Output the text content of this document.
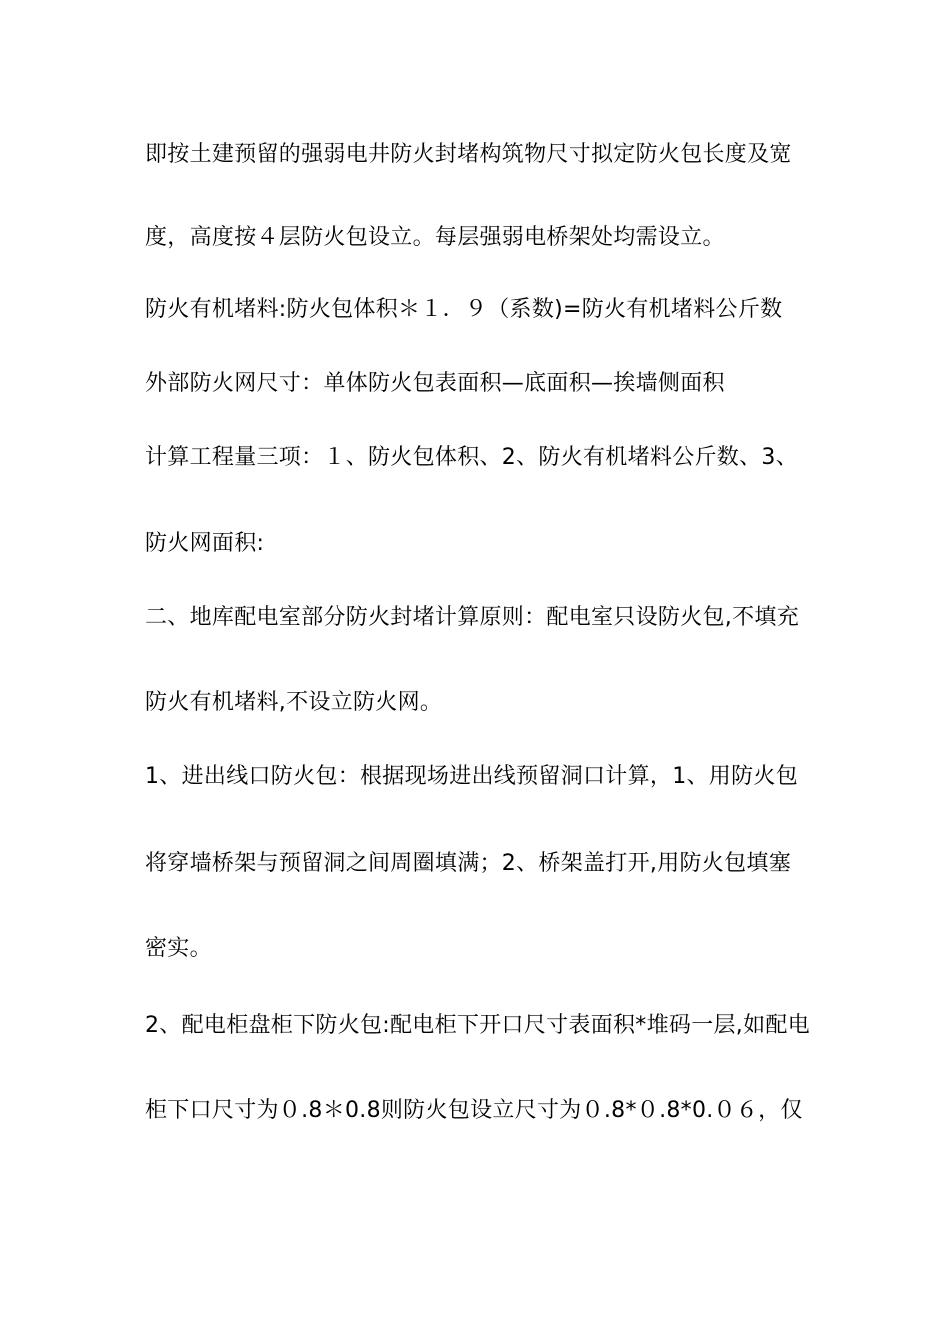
即按土建预留的强弱电井防火封堵构筑物尺寸拟定防火包长度及宽
度，高度按４层防火包设立。每层强弱电桥架处均需设立。
防火有机堵料:防火包体积＊１．９（系数)=防火有机堵料公斤数
外部防火网尺寸：单体防火包表面积—底面积—挨墙侧面积
计算工程量三项：１、防火包体积、2、防火有机堵料公斤数、3、
防火网面积:
二、地库配电室部分防火封堵计算原则：配电室只设防火包,不填充
防火有机堵料,不设立防火网。
1、进出线口防火包：根据现场进出线预留洞口计算，1、用防火包
将穿墙桥架与预留洞之间周圈填满；2、桥架盖打开,用防火包填塞
密实。
2、配电柜盘柜下防火包:配电柜下开口尺寸表面积*堆码一层,如配电
柜下口尺寸为０.8＊0.8则防火包设立尺寸为０.8*０.8*0.０６，仅
